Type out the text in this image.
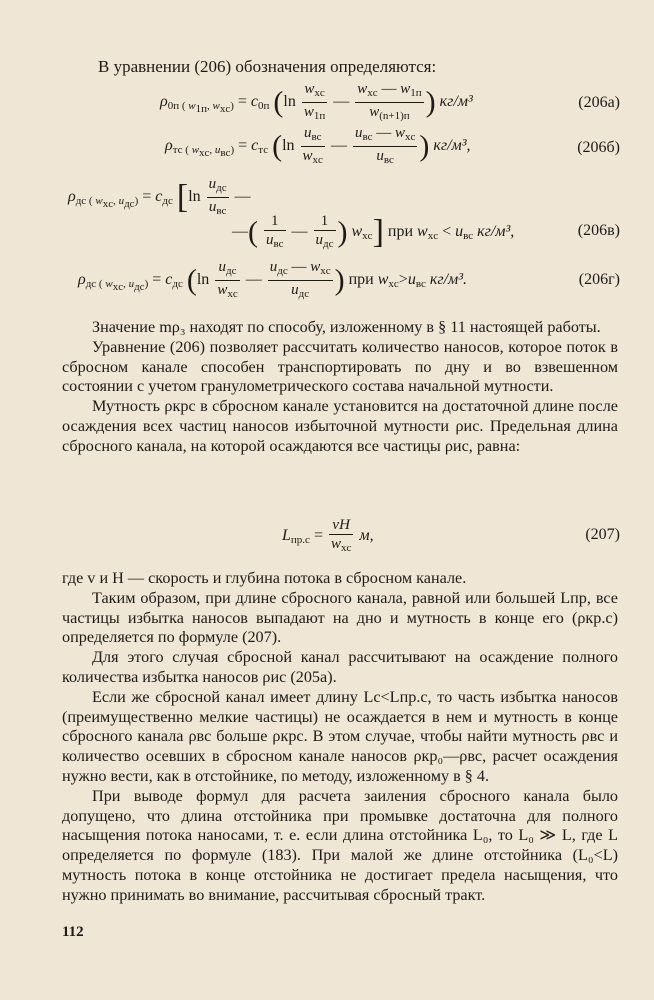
В уравнении (206) обозначения определяются:

$\rho_{0п ( w_{1п}, w_{xc})} = c_{0п}$ ($\ln \frac{w_{xc}}{w_{1п}}$ — $\frac{w_{xc} — w_{1п}}{w_{(n+1)п}}$ ) кг/м³	(206а)
$\rho_{тс ( w_{xc}, u_{вс})} = c_{тс}$ ($\ln \frac{u_{вс}}{w_{xc}}$ — $\frac{u_{вс} — w_{xc}}{u_{вс}}$ ) кг/м³,	(206б)
$\rho_{дс ( w_{xc}, u_{дс})} = c_{дс}$ [$\ln \frac{u_{дс}}{u_{вс}}$ —
—( $\frac{1}{u_{вс}}$ — $\frac{1}{u_{дс}}$ ) $w_{xc}$] при $w_{xc} < u_{вс}$ кг/м³,	(206в)
$\rho_{дс ( w_{xc}, u_{дс})} = c_{дс}$ ($\ln \frac{u_{дс}}{w_{xc}}$ — $\frac{u_{дс} — w_{xc}}{u_{дс}}$ ) при $w_{xc}>u_{вс}$ кг/м³.	(206г)

Значение mρ₃ находят по способу, изложенному в § 11 настоящей работы.

Уравнение (206) позволяет рассчитать количество наносов, которое поток в сбросном канале способен транспортировать по дну и во взвешенном состоянии с учетом гранулометрического состава начальной мутности.

Мутность ρкрс в сбросном канале установится на достаточной длине после осаждения всех частиц наносов избыточной мутности ρис. Предельная длина сбросного канала, на которой осаждаются все частицы ρис, равна:

$L_{пр.с} = \frac{vH}{w_{xc}} м$,	(207)

где v и H — скорость и глубина потока в сбросном канале.

Таким образом, при длине сбросного канала, равной или большей Lпр, все частицы избытка наносов выпадают на дно и мутность в конце его (ρкр.с) определяется по формуле (207).

Для этого случая сбросной канал рассчитывают на осаждение полного количества избытка наносов ρис (205а).

Если же сбросной канал имеет длину Lс<Lпр.с, то часть избытка наносов (преимущественно мелкие частицы) не осаждается в нем и мутность в конце сбросного канала ρвс больше ρкрс. В этом случае, чтобы найти мутность ρвс и количество осевших в сбросном канале наносов ρкр₀—ρвс, расчет осаждения нужно вести, как в отстойнике, по методу, изложенному в § 4.

При выводе формул для расчета заиления сбросного канала было допущено, что длина отстойника при промывке достаточна для полного насыщения потока наносами, т. е. если длина отстойника L₀, то L₀ ≫ L, где L определяется по формуле (183). При малой же длине отстойника (L₀<L) мутность потока в конце отстойника не достигает предела насыщения, что нужно принимать во внимание, рассчитывая сбросный тракт.

112
